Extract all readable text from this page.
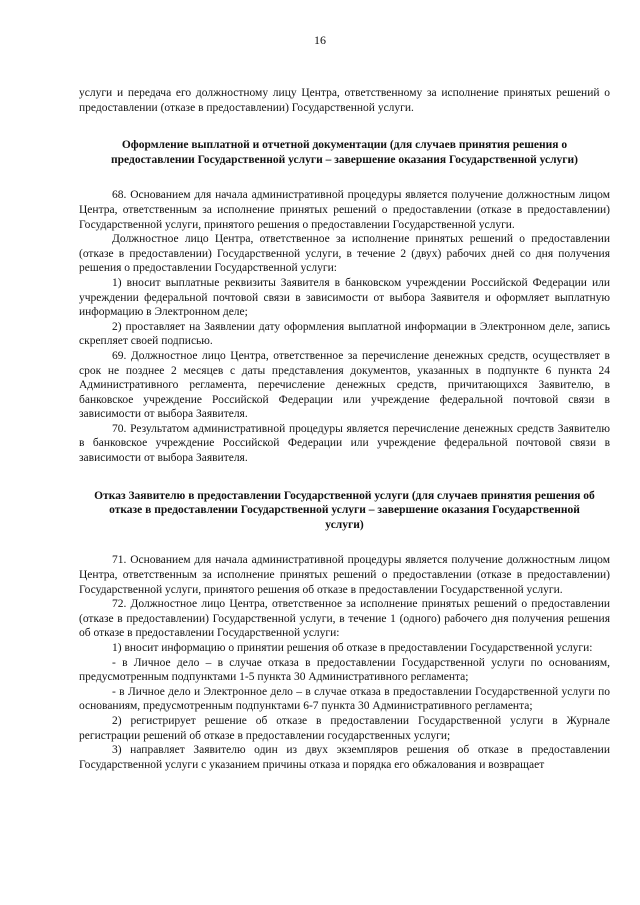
16

услуги и передача его должностному лицу Центра, ответственному за исполнение принятых решений о предоставлении (отказе в предоставлении) Государственной услуги.

Оформление выплатной и отчетной документации (для случаев принятия решения о предоставлении Государственной услуги – завершение оказания Государственной услуги)

68. Основанием для начала административной процедуры является получение должностным лицом Центра, ответственным за исполнение принятых решений о предоставлении (отказе в предоставлении) Государственной услуги, принятого решения о предоставлении Государственной услуги.

Должностное лицо Центра, ответственное за исполнение принятых решений о предоставлении (отказе в предоставлении) Государственной услуги, в течение 2 (двух) рабочих дней со дня получения решения о предоставлении Государственной услуги:

1) вносит выплатные реквизиты Заявителя в банковском учреждении Российской Федерации или учреждении федеральной почтовой связи в зависимости от выбора Заявителя и оформляет выплатную информацию в Электронном деле;

2) проставляет на Заявлении дату оформления выплатной информации в Электронном деле, запись скрепляет своей подписью.

69. Должностное лицо Центра, ответственное за перечисление денежных средств, осуществляет в срок не позднее 2 месяцев с даты представления документов, указанных в подпункте 6 пункта 24 Административного регламента, перечисление денежных средств, причитающихся Заявителю, в банковское учреждение Российской Федерации или учреждение федеральной почтовой связи в зависимости от выбора Заявителя.

70. Результатом административной процедуры является перечисление денежных средств Заявителю в банковское учреждение Российской Федерации или учреждение федеральной почтовой связи в зависимости от выбора Заявителя.

Отказ Заявителю в предоставлении Государственной услуги (для случаев принятия решения об отказе в предоставлении Государственной услуги – завершение оказания Государственной услуги)

71. Основанием для начала административной процедуры является получение должностным лицом Центра, ответственным за исполнение принятых решений о предоставлении (отказе в предоставлении) Государственной услуги, принятого решения об отказе в предоставлении Государственной услуги.

72. Должностное лицо Центра, ответственное за исполнение принятых решений о предоставлении (отказе в предоставлении) Государственной услуги, в течение 1 (одного) рабочего дня получения решения об отказе в предоставлении Государственной услуги:

1) вносит информацию о принятии решения об отказе в предоставлении Государственной услуги:

- в Личное дело – в случае отказа в предоставлении Государственной услуги по основаниям, предусмотренным подпунктами 1-5 пункта 30 Административного регламента;

- в Личное дело и Электронное дело – в случае отказа в предоставлении Государственной услуги по основаниям, предусмотренным подпунктами 6-7 пункта 30 Административного регламента;

2) регистрирует решение об отказе в предоставлении Государственной услуги в Журнале регистрации решений об отказе в предоставлении государственных услуги;

3) направляет Заявителю один из двух экземпляров решения об отказе в предоставлении Государственной услуги с указанием причины отказа и порядка его обжалования и возвращает
